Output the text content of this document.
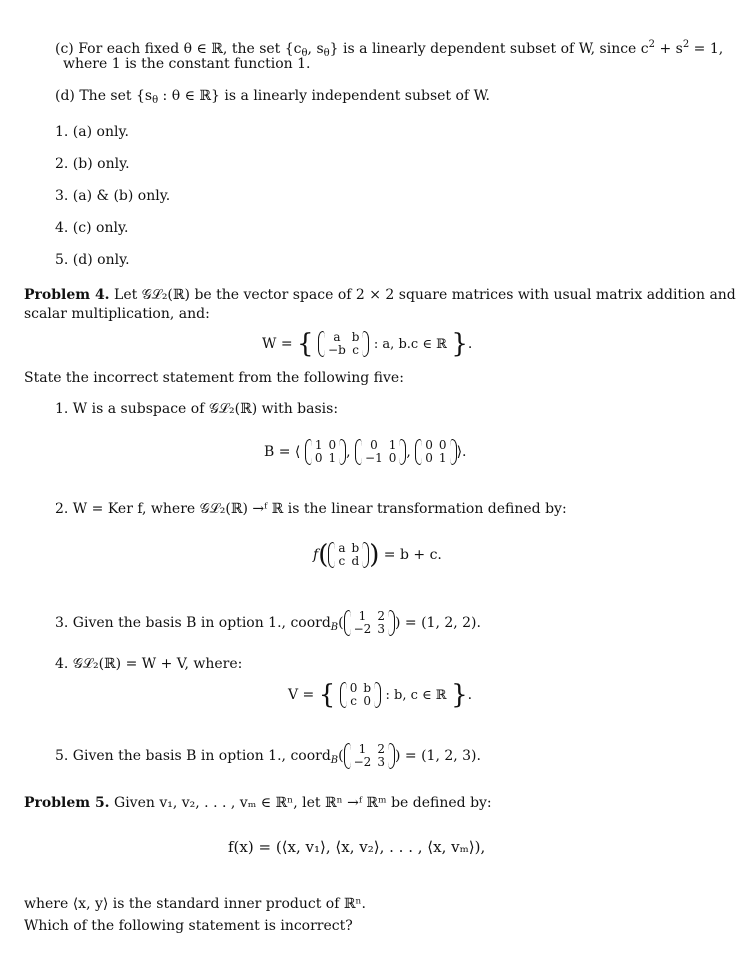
(c) For each fixed θ ∈ ℝ, the set {$c_\theta$, $s_\theta$} is a linearly dependent subset of W, since $c^2 + s^2 = 1$,
where 1 is the constant function 1.
(d) The set {$s_\theta$ : θ ∈ ℝ} is a linearly independent subset of W.
1. (a) only.
2. (b) only.
3. (a) & (b) only.
4. (c) only.
5. (d) only.
Problem 4. Let 𝒢ℒ₂(ℝ) be the vector space of 2 × 2 square matrices with usual matrix addition and
scalar multiplication, and:
W = { a	b
−b	c : a, b.c ∈ ℝ }.
State the incorrect statement from the following five:
1. W is a subspace of 𝒢ℒ₂(ℝ) with basis:
B = ⟨ 1	0
0	1 , 0	1
−1	0 , 0	0
0	1 ⟩.
2. W = Ker f, where 𝒢ℒ₂(ℝ) →ᶠ ℝ is the linear transformation defined by:
f( a	b
c	d ) = b + c.
3. Given the basis B in option 1., coord$_B$( 1	2
−2	3 ) = (1, 2, 2).
4. 𝒢ℒ₂(ℝ) = W + V, where:
V = { 0	b
c	0 : b, c ∈ ℝ }.
5. Given the basis B in option 1., coord$_B$( 1	2
−2	3 ) = (1, 2, 3).
Problem 5. Given v₁, v₂, . . . , vₘ ∈ ℝⁿ, let ℝⁿ →ᶠ ℝᵐ be defined by:
f(x) = (⟨x, v₁⟩, ⟨x, v₂⟩, . . . , ⟨x, vₘ⟩),
where ⟨x, y⟩ is the standard inner product of ℝⁿ.
Which of the following statement is incorrect?
